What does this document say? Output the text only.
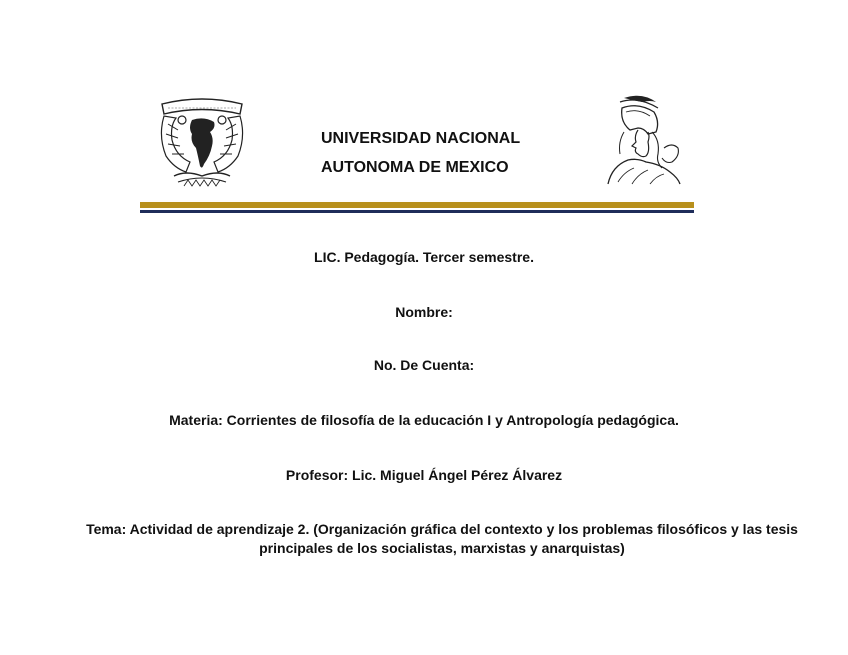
UNIVERSIDAD NACIONAL
AUTONOMA DE MEXICO
LIC. Pedagogía. Tercer semestre.
Nombre:
No. De Cuenta:
Materia: Corrientes de filosofía de la educación I y Antropología pedagógica.
Profesor: Lic. Miguel Ángel Pérez Álvarez
Tema: Actividad de aprendizaje 2. (Organización gráfica del contexto y los problemas filosóficos y las tesis principales de los socialistas, marxistas y anarquistas)
